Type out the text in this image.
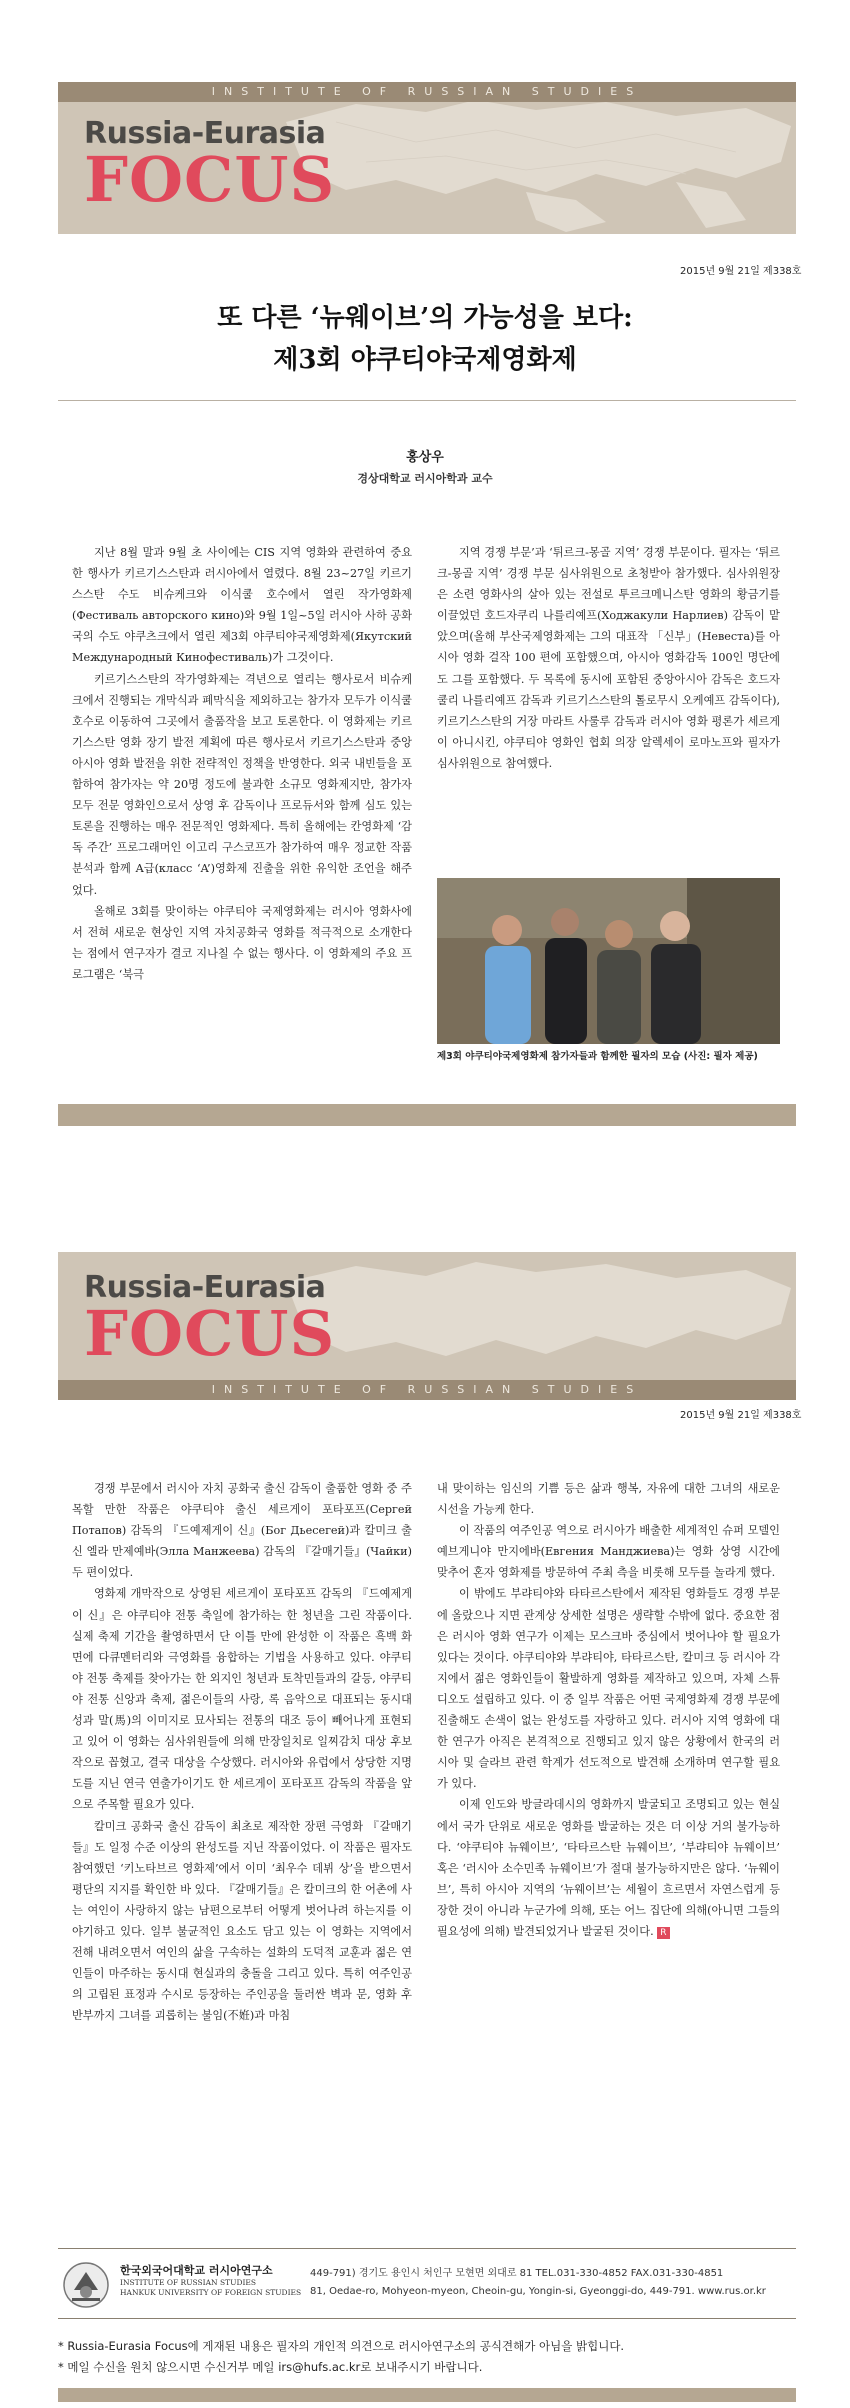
INSTITUTE OF RUSSIAN STUDIES
Russia-Eurasia
FOCUS
2015년 9월 21일 제338호
또 다른 ‘뉴웨이브’의 가능성을 보다:
제3회 야쿠티야국제영화제
홍상우
경상대학교 러시아학과 교수

지난 8월 말과 9월 초 사이에는 CIS 지역 영화와 관련하여 중요한 행사가 키르기스스탄과 러시아에서 열렸다. 8월 23~27일 키르기스스탄 수도 비슈케크와 이식쿨 호수에서 열린 작가영화제(Фестиваль авторского кино)와 9월 1일~5일 러시아 사하 공화국의 수도 야쿠츠크에서 열린 제3회 야쿠티야국제영화제(Якутский Международный Кинофестиваль)가 그것이다.

키르기스스탄의 작가영화제는 격년으로 열리는 행사로서 비슈케크에서 진행되는 개막식과 폐막식을 제외하고는 참가자 모두가 이식쿨 호수로 이동하여 그곳에서 출품작을 보고 토론한다. 이 영화제는 키르기스스탄 영화 장기 발전 계획에 따른 행사로서 키르기스스탄과 중앙아시아 영화 발전을 위한 전략적인 정책을 반영한다. 외국 내빈들을 포함하여 참가자는 약 20명 정도에 불과한 소규모 영화제지만, 참가자 모두 전문 영화인으로서 상영 후 감독이나 프로듀서와 함께 심도 있는 토론을 진행하는 매우 전문적인 영화제다. 특히 올해에는 칸영화제 ‘감독 주간’ 프로그래머인 이고리 구스코프가 참가하여 매우 정교한 작품 분석과 함께 A급(класс ‘A’)영화제 진출을 위한 유익한 조언을 해주었다.

올해로 3회를 맞이하는 야쿠티야 국제영화제는 러시아 영화사에서 전혀 새로운 현상인 지역 자치공화국 영화를 적극적으로 소개한다는 점에서 연구자가 결코 지나칠 수 없는 행사다. 이 영화제의 주요 프로그램은 ‘북극

지역 경쟁 부문’과 ‘튀르크-몽골 지역’ 경쟁 부문이다. 필자는 ‘튀르크-몽골 지역’ 경쟁 부문 심사위원으로 초청받아 참가했다. 심사위원장은 소련 영화사의 살아 있는 전설로 투르크메니스탄 영화의 황금기를 이끌었던 호드자쿠리 나를리예프(Ходжакули Нарлиев) 감독이 맡았으며(올해 부산국제영화제는 그의 대표작 「신부」(Невеста)를 아시아 영화 걸작 100 편에 포함했으며, 아시아 영화감독 100인 명단에도 그를 포함했다. 두 목록에 동시에 포함된 중앙아시아 감독은 호드자쿨리 나를리예프 감독과 키르기스스탄의 톨로무시 오케예프 감독이다), 키르기스스탄의 거장 마라트 사룰루 감독과 러시아 영화 평론가 세르게이 아니시킨, 야쿠티야 영화인 협회 의장 알렉세이 로마노프와 필자가 심사위원으로 참여했다.

제3회 야쿠티야국제영화제 참가자들과 함께한 필자의 모습 (사진: 필자 제공)
Russia-Eurasia
FOCUS
INSTITUTE OF RUSSIAN STUDIES
2015년 9월 21일 제338호

경쟁 부문에서 러시아 자치 공화국 출신 감독이 출품한 영화 중 주목할 만한 작품은 야쿠티야 출신 세르게이 포타포프(Сергей Потапов) 감독의 『드예제게이 신』(Бог Дьесегей)과 칼미크 출신 엘라 만제예바(Элла Манжеева) 감독의 『갈매기들』(Чайки)두 편이었다.

영화제 개막작으로 상영된 세르게이 포타포프 감독의 『드예제게이 신』은 야쿠티야 전통 축일에 참가하는 한 청년을 그린 작품이다. 실제 축제 기간을 촬영하면서 단 이틀 만에 완성한 이 작품은 흑백 화면에 다큐멘터리와 극영화를 융합하는 기법을 사용하고 있다. 야쿠티야 전통 축제를 찾아가는 한 외지인 청년과 토착민들과의 갈등, 야쿠티야 전통 신앙과 축제, 젊은이들의 사랑, 록 음악으로 대표되는 동시대성과 말(馬)의 이미지로 묘사되는 전통의 대조 등이 빼어나게 표현되고 있어 이 영화는 심사위원들에 의해 만장일치로 일찌감치 대상 후보작으로 꼽혔고, 결국 대상을 수상했다. 러시아와 유럽에서 상당한 지명도를 지닌 연극 연출가이기도 한 세르게이 포타포프 감독의 작품을 앞으로 주목할 필요가 있다.

칼미크 공화국 출신 감독이 최초로 제작한 장편 극영화 『갈매기들』도 일정 수준 이상의 완성도를 지닌 작품이었다. 이 작품은 필자도 참여했던 ‘키노타브르 영화제’에서 이미 ‘최우수 데뷔 상’을 받으면서 평단의 지지를 확인한 바 있다. 『갈매기들』은 칼미크의 한 어촌에 사는 여인이 사랑하지 않는 남편으로부터 어떻게 벗어나려 하는지를 이야기하고 있다. 일부 불균적인 요소도 담고 있는 이 영화는 지역에서 전해 내려오면서 여인의 삶을 구속하는 설화의 도덕적 교훈과 젊은 연인들이 마주하는 동시대 현실과의 충돌을 그리고 있다. 특히 여주인공의 고립된 표정과 수시로 등장하는 주인공을 둘러싼 벽과 문, 영화 후반부까지 그녀를 괴롭히는 불임(不姙)과 마침

내 맞이하는 임신의 기쁨 등은 삶과 행복, 자유에 대한 그녀의 새로운 시선을 가능케 한다.

이 작품의 여주인공 역으로 러시아가 배출한 세계적인 슈퍼 모델인 예브게니야 만지에바(Евгения Манджиева)는 영화 상영 시간에 맞추어 혼자 영화제를 방문하여 주최 측을 비롯해 모두를 놀라게 했다.

이 밖에도 부랴티야와 타타르스탄에서 제작된 영화들도 경쟁 부문에 올랐으나 지면 관계상 상세한 설명은 생략할 수밖에 없다. 중요한 점은 러시아 영화 연구가 이제는 모스크바 중심에서 벗어나야 할 필요가 있다는 것이다. 야쿠티야와 부랴티야, 타타르스탄, 칼미크 등 러시아 각지에서 젊은 영화인들이 활발하게 영화를 제작하고 있으며, 자체 스튜디오도 설립하고 있다. 이 중 일부 작품은 어떤 국제영화제 경쟁 부문에 진출해도 손색이 없는 완성도를 자랑하고 있다. 러시아 지역 영화에 대한 연구가 아직은 본격적으로 진행되고 있지 않은 상황에서 한국의 러시아 및 슬라브 관련 학계가 선도적으로 발견해 소개하며 연구할 필요가 있다.

이제 인도와 방글라데시의 영화까지 발굴되고 조명되고 있는 현실에서 국가 단위로 새로운 영화를 발굴하는 것은 더 이상 거의 불가능하다. ‘야쿠티야 뉴웨이브’, ‘타타르스탄 뉴웨이브’, ‘부랴티야 뉴웨이브’ 혹은 ‘러시아 소수민족 뉴웨이브’가 절대 불가능하지만은 않다. ‘뉴웨이브’, 특히 아시아 지역의 ‘뉴웨이브’는 세월이 흐르면서 자연스럽게 등장한 것이 아니라 누군가에 의해, 또는 어느 집단에 의해(아니면 그들의 필요성에 의해) 발견되었거나 발굴된 것이다. R

한국외국어대학교 러시아연구소
INSTITUTE OF RUSSIAN STUDIES
HANKUK UNIVERSITY OF FOREIGN STUDIES
449-791) 경기도 용인시 처인구 모현면 외대로 81 TEL.031-330-4852 FAX.031-330-4851
81, Oedae-ro, Mohyeon-myeon, Cheoin-gu, Yongin-si, Gyeonggi-do, 449-791. www.rus.or.kr
* Russia-Eurasia Focus에 게재된 내용은 필자의 개인적 의견으로 러시아연구소의 공식견해가 아님을 밝힙니다.
* 메일 수신을 원치 않으시면 수신거부 메일 irs@hufs.ac.kr로 보내주시기 바랍니다.
